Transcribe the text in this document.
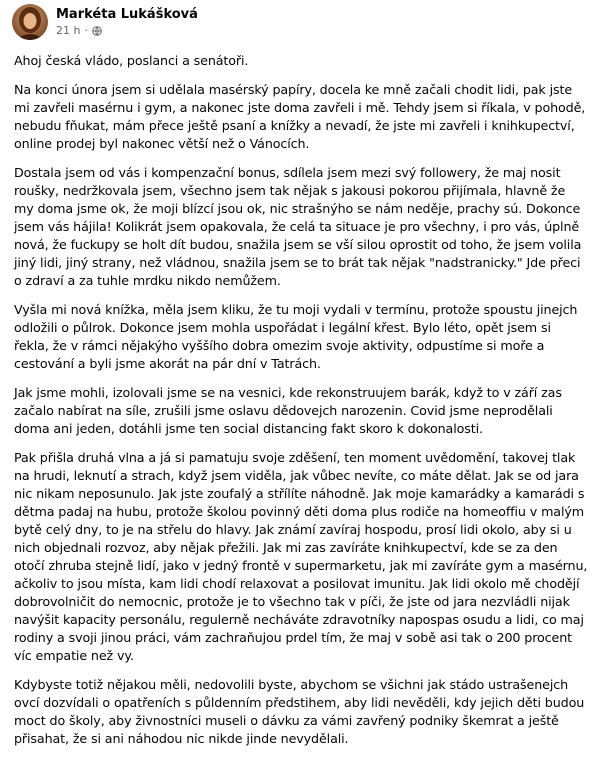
Markéta Lukášková
21 h ·

Ahoj česká vládo, poslanci a senátoři.

Na konci února jsem si udělala masérský papíry, docela ke mně začali chodit lidi, pak jste mi zavřeli masérnu i gym, a nakonec jste doma zavřeli i mě. Tehdy jsem si říkala, v pohodě, nebudu fňukat, mám přece ještě psaní a knížky a nevadí, že jste mi zavřeli i knihkupectví, online prodej byl nakonec větší než o Vánocích.

Dostala jsem od vás i kompenzační bonus, sdílela jsem mezi svý followery, že maj nosit roušky, nedržkovala jsem, všechno jsem tak nějak s jakousi pokorou přijímala, hlavně že my doma jsme ok, že moji blízcí jsou ok, nic strašnýho se nám neděje, prachy sú. Dokonce jsem vás hájila! Kolikrát jsem opakovala, že celá ta situace je pro všechny, i pro vás, úplně nová, že fuckupy se holt dít budou, snažila jsem se vší silou oprostit od toho, že jsem volila jiný lidi, jiný strany, než vládnou, snažila jsem se to brát tak nějak "nadstranicky." Jde přeci o zdraví a za tuhle mrdku nikdo nemůžem.

Vyšla mi nová knížka, měla jsem kliku, že tu moji vydali v termínu, protože spoustu jinejch odložili o půlrok. Dokonce jsem mohla uspořádat i legální křest. Bylo léto, opět jsem si řekla, že v rámci nějakýho vyššího dobra omezim svoje aktivity, odpustíme si moře a cestování a byli jsme akorát na pár dní v Tatrách.

Jak jsme mohli, izolovali jsme se na vesnici, kde rekonstruujem barák, když to v září zas začalo nabírat na síle, zrušili jsme oslavu dědovejch narozenin. Covid jsme neprodělali doma ani jeden, dotáhli jsme ten social distancing fakt skoro k dokonalosti.

Pak přišla druhá vlna a já si pamatuju svoje zděšení, ten moment uvědomění, takovej tlak na hrudi, leknutí a strach, když jsem viděla, jak vůbec nevíte, co máte dělat. Jak se od jara nic nikam neposunulo. Jak jste zoufalý a střílíte náhodně. Jak moje kamarádky a kamarádi s dětma padaj na hubu, protože školou povinný děti doma plus rodiče na homeoffiu v malým bytě celý dny, to je na střelu do hlavy. Jak známí zavíraj hospodu, prosí lidi okolo, aby si u nich objednali rozvoz, aby nějak přežili. Jak mi zas zavíráte knihkupectví, kde se za den otočí zhruba stejně lidí, jako v jedný frontě v supermarketu, jak mi zavíráte gym a masérnu, ačkoliv to jsou místa, kam lidi chodí relaxovat a posilovat imunitu. Jak lidi okolo mě chodějí dobrovolničit do nemocnic, protože je to všechno tak v píči, že jste od jara nezvládli nijak navýšit kapacity personálu, regulerně necháváte zdravotníky napospas osudu a lidi, co maj rodiny a svoji jinou práci, vám zachraňujou prdel tím, že maj v sobě asi tak o 200 procent víc empatie než vy.

Kdybyste totiž nějakou měli, nedovolili byste, abychom se všichni jak stádo ustrašenejch ovcí dozvídali o opatřeních s půldenním předstihem, aby lidi nevěděli, kdy jejich děti budou moct do školy, aby živnostníci museli o dávku za vámi zavřený podniky škemrat a ještě přisahat, že si ani náhodou nic nikde jinde nevydělali.
